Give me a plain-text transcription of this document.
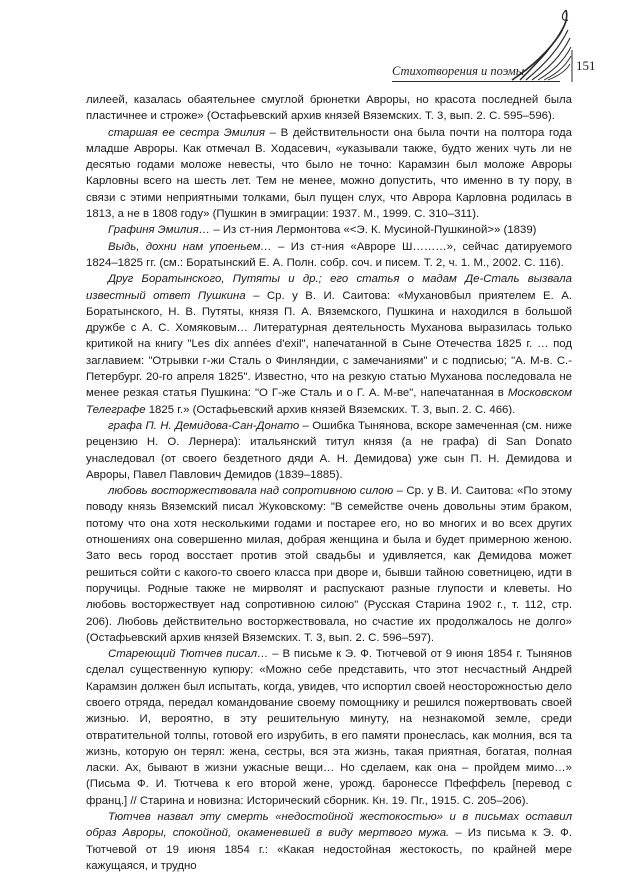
Стихотворения и поэмы	151

лилеей, казалась обаятельнее смуглой брюнетки Авроры, но красота последней была пластичнее и строже» (Остафьевский архив князей Вяземских. Т. 3, вып. 2. С. 595–596).

старшая ее сестра Эмилия – В действительности она была почти на полтора года младше Авроры. Как отмечал В. Ходасевич, «указывали также, будто жених чуть ли не десятью годами моложе невесты, что было не точно: Карамзин был моложе Авроры Карловны всего на шесть лет. Тем не менее, можно допустить, что именно в ту пору, в связи с этими неприятными толками, был пущен слух, что Аврора Карловна родилась в 1813, а не в 1808 году» (Пушкин в эмиграции: 1937. М., 1999. С. 310–311).

Графиня Эмилия… – Из ст-ния Лермонтова «<Э. К. Мусиной-Пушкиной>» (1839)

Выдь, дохни нам упоеньем… – Из ст-ния «Авроре Ш………», сейчас датируемого 1824–1825 гг. (см.: Боратынский Е. А. Полн. собр. соч. и писем. Т. 2, ч. 1. М., 2002. С. 116).

Друг Боратынского, Путяты и др.; его статья о мадам Де-Сталь вызвала известный ответ Пушкина – Ср. у В. И. Саитова: «Мухановбыл приятелем Е. А. Боратынского, Н. В. Путяты, князя П. А. Вяземского, Пушкина и находился в большой дружбе с А. С. Хомяковым… Литературная деятельность Муханова выразилась только критикой на книгу "Les dix années d'exil", напечатанной в Сыне Отечества 1825 г. … под заглавием: "Отрывки г-жи Сталь о Финляндии, с замечаниями" и с подписью; "А. М-в. С.-Петербург. 20-го апреля 1825". Известно, что на резкую статью Муханова последовала не менее резкая статья Пушкина: "О Г-же Сталь и о Г. А. М-ве", напечатанная в Московском Телеграфе 1825 г.» (Остафьевский архив князей Вяземских. Т. 3, вып. 2. С. 466).

графа П. Н. Демидова-Сан-Донато – Ошибка Тынянова, вскоре замеченная (см. ниже рецензию Н. О. Лернера): итальянский титул князя (а не графа) di San Donato унаследовал (от своего бездетного дяди А. Н. Демидова) уже сын П. Н. Демидова и Авроры, Павел Павлович Демидов (1839–1885).

любовь восторжествовала над сопротивною силою – Ср. у В. И. Саитова: «По этому поводу князь Вяземский писал Жуковскому: "В семействе очень довольны этим браком, потому что она хотя несколькими годами и постарее его, но во многих и во всех других отношениях она совершенно милая, добрая женщина и была и будет примерною женою. Зато весь город восстает против этой свадьбы и удивляется, как Демидова может решиться сойти с какого-то своего класса при дворе и, бывши тайною советницею, идти в поручицы. Родные также не мирволят и распускают разные глупости и клеветы. Но любовь восторжествует над сопротивною силою" (Русская Старина 1902 г., т. 112, стр. 206). Любовь действительно восторжествовала, но счастие их продолжалось не долго» (Остафьевский архив князей Вяземских. Т. 3, вып. 2. С. 596–597).

Стареющий Тютчев писал… – В письме к Э. Ф. Тютчевой от 9 июня 1854 г. Тынянов сделал существенную купюру: «Можно себе представить, что этот несчастный Андрей Карамзин должен был испытать, когда, увидев, что испортил своей неосторожностью дело своего отряда, передал командование своему помощнику и решился пожертвовать своей жизнью. И, вероятно, в эту решительную минуту, на незнакомой земле, среди отвратительной толпы, готовой его изрубить, в его памяти пронеслась, как молния, вся та жизнь, которую он терял: жена, сестры, вся эта жизнь, такая приятная, богатая, полная ласки. Ах, бывают в жизни ужасные вещи… Но сделаем, как она – пройдем мимо…» (Письма Ф. И. Тютчева к его второй жене, урожд. баронессе Пфеффель [перевод с франц.] // Старина и новизна: Исторический сборник. Кн. 19. Пг., 1915. С. 205–206).

Тютчев назвал эту смерть «недостойной жестокостью» и в письмах оставил образ Авроры, спокойной, окаменевшей в виду мертвого мужа. – Из письма к Э. Ф. Тютчевой от 19 июня 1854 г.: «Какая недостойная жестокость, по крайней мере кажущаяся, и трудно
